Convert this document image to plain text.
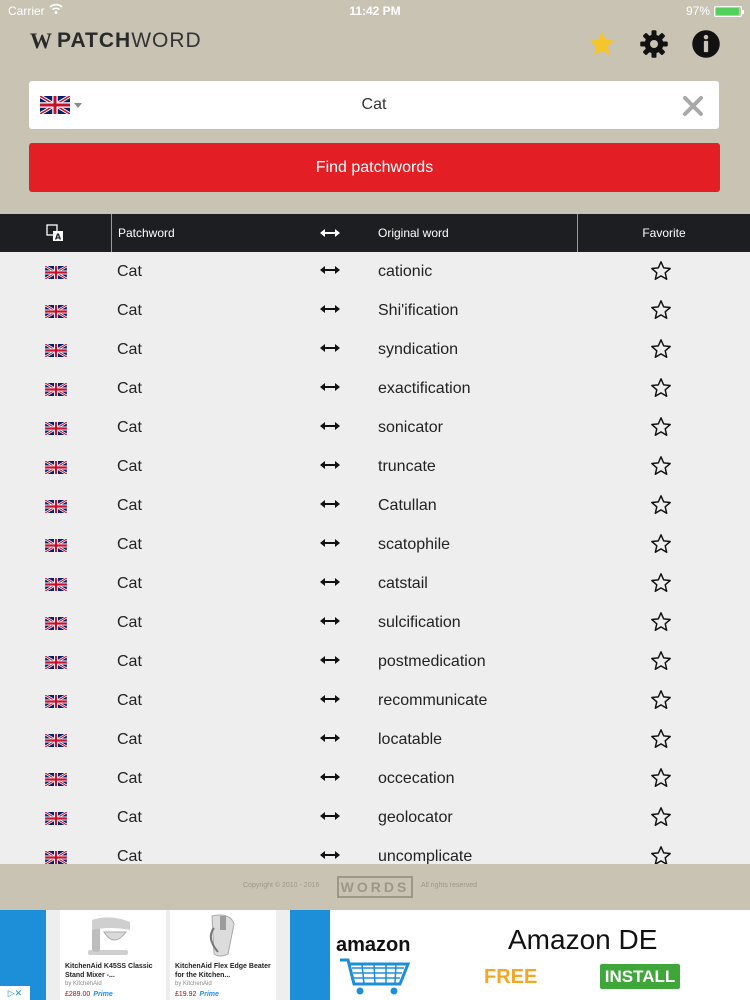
Carrier	11:42 PM	97%
W PATCH WORD
Cat
Find patchwords
A	Patchword	Original word	Favorite
Cat	cationic
Cat	Shi'ification
Cat	syndication
Cat	exactification
Cat	sonicator
Cat	truncate
Cat	Catullan
Cat	scatophile
Cat	catstail
Cat	sulcification
Cat	postmedication
Cat	recommunicate
Cat	locatable
Cat	occecation
Cat	geolocator
Cat	uncomplicate
Copyright © 2010 - 2016 WORDS	All rights reserved
KitchenAid K45SS Classic Stand Mixer -...
by KitchenAid
£289.00 Prime
KitchenAid Flex Edge Beater for the Kitchen...
by KitchenAid
£19.92 Prime
amazon	Amazon DE
FREE	INSTALL
▷✕
